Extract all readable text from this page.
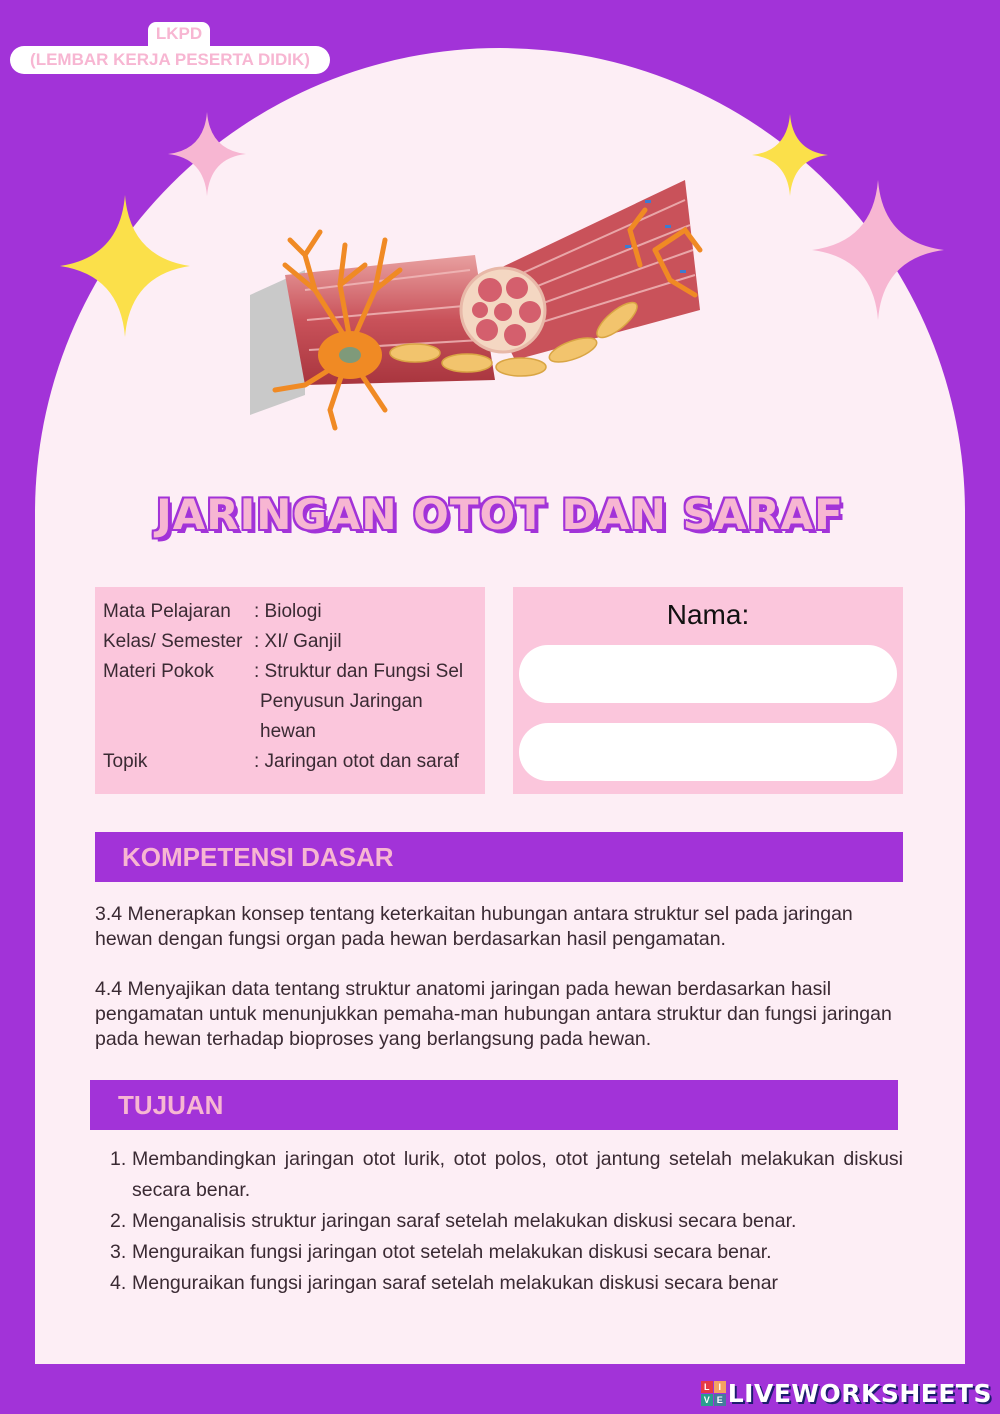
LKPD
(LEMBAR KERJA PESERTA DIDIK)
JARINGAN OTOT DAN SARAF
Mata Pelajaran	: Biologi
Kelas/ Semester : XI/ Ganjil
Materi Pokok	: Struktur dan Fungsi Sel
Penyusun Jaringan
hewan
Topik	: Jaringan otot dan saraf
Nama:
KOMPETENSI DASAR
3.4 Menerapkan konsep tentang keterkaitan hubungan antara struktur sel pada jaringan hewan dengan fungsi organ pada hewan berdasarkan hasil pengamatan.
4.4 Menyajikan data tentang struktur anatomi jaringan pada hewan berdasarkan hasil pengamatan untuk menunjukkan pemaha-man hubungan antara struktur dan fungsi jaringan pada hewan terhadap bioproses yang berlangsung pada hewan.
TUJUAN
1. Membandingkan jaringan otot lurik, otot polos, otot jantung setelah melakukan diskusi secara benar.
2. Menganalisis struktur jaringan saraf setelah melakukan diskusi secara benar.
3. Menguraikan fungsi jaringan otot setelah melakukan diskusi secara benar.
4. Menguraikan fungsi jaringan saraf setelah melakukan diskusi secara benar
L I
V E LIVEWORKSHEETS
